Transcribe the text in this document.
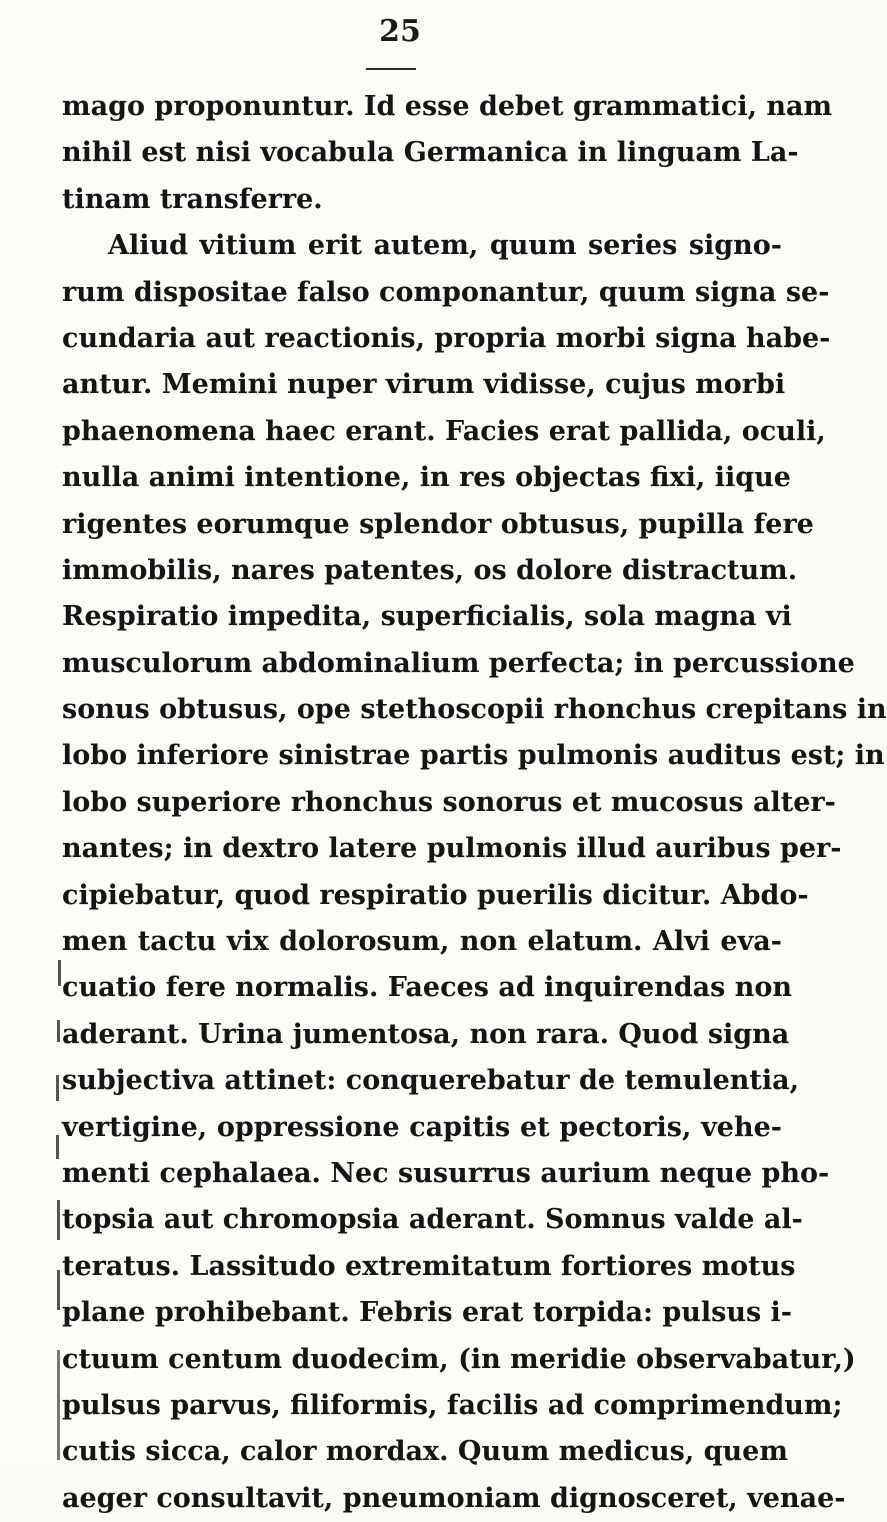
25
mago proponuntur. Id esse debet grammatici, nam
nihil est nisi vocabula Germanica in linguam La-
tinam transferre.
Aliud vitium erit autem, quum series signo-
rum dispositae falso componantur, quum signa se-
cundaria aut reactionis, propria morbi signa habe-
antur. Memini nuper virum vidisse, cujus morbi
phaenomena haec erant. Facies erat pallida, oculi,
nulla animi intentione, in res objectas fixi, iique
rigentes eorumque splendor obtusus, pupilla fere
immobilis, nares patentes, os dolore distractum.
Respiratio impedita, superficialis, sola magna vi
musculorum abdominalium perfecta; in percussione
sonus obtusus, ope stethoscopii rhonchus crepitans in
lobo inferiore sinistrae partis pulmonis auditus est; in
lobo superiore rhonchus sonorus et mucosus alter-
nantes; in dextro latere pulmonis illud auribus per-
cipiebatur, quod respiratio puerilis dicitur. Abdo-
men tactu vix dolorosum, non elatum. Alvi eva-
cuatio fere normalis. Faeces ad inquirendas non
aderant. Urina jumentosa, non rara. Quod signa
subjectiva attinet: conquerebatur de temulentia,
vertigine, oppressione capitis et pectoris, vehe-
menti cephalaea. Nec susurrus aurium neque pho-
topsia aut chromopsia aderant. Somnus valde al-
teratus. Lassitudo extremitatum fortiores motus
plane prohibebant. Febris erat torpida: pulsus i-
ctuum centum duodecim, (in meridie observabatur,)
pulsus parvus, filiformis, facilis ad comprimendum;
cutis sicca, calor mordax. Quum medicus, quem
aeger consultavit, pneumoniam dignosceret, venae-
